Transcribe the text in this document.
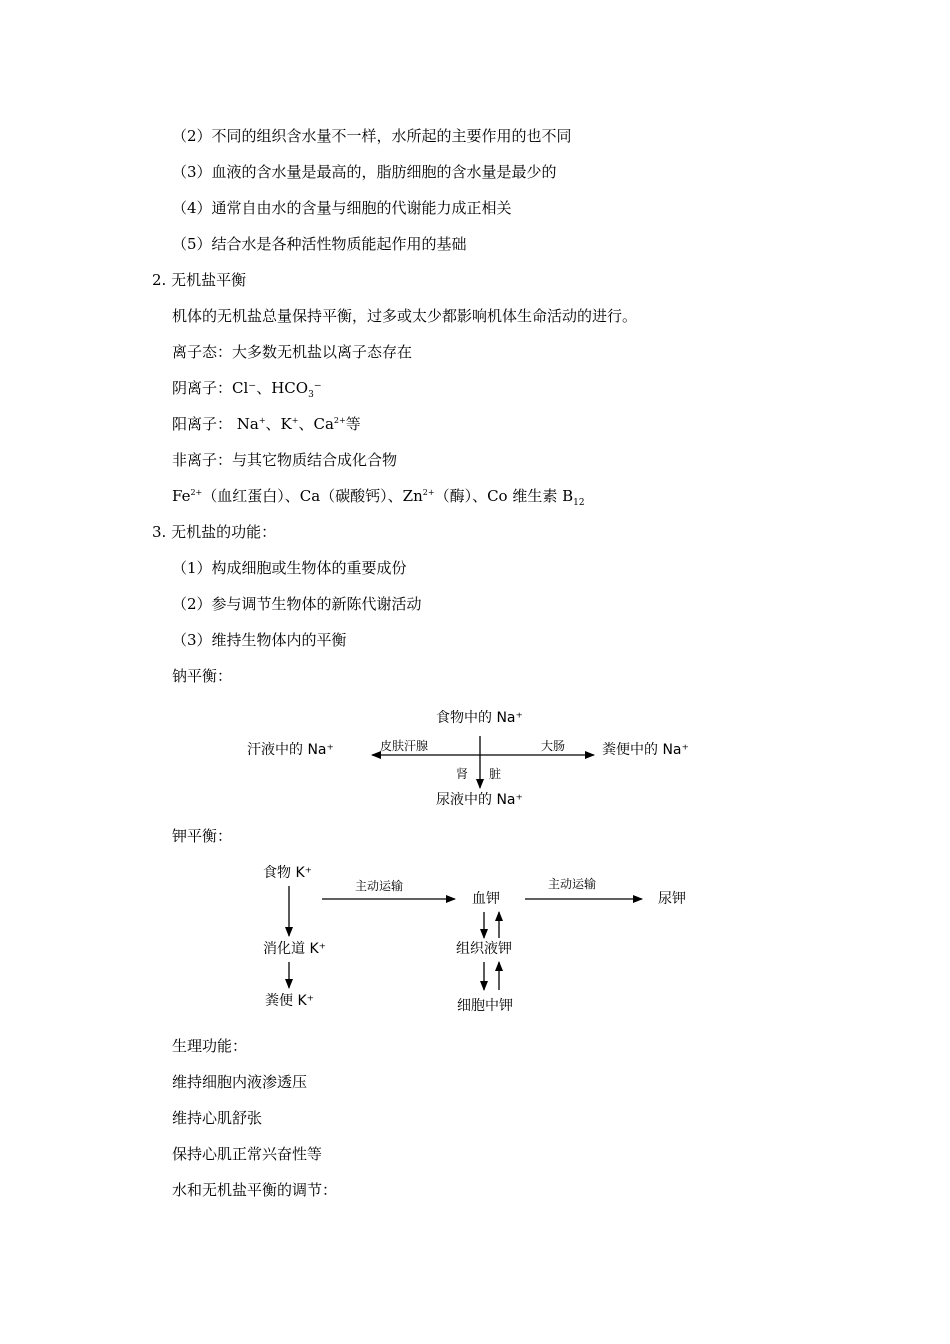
（2）不同的组织含水量不一样，水所起的主要作用的也不同
（3）血液的含水量是最高的，脂肪细胞的含水量是最少的
（4）通常自由水的含量与细胞的代谢能力成正相关
（5）结合水是各种活性物质能起作用的基础
2. 无机盐平衡
机体的无机盐总量保持平衡，过多或太少都影响机体生命活动的进行。
离子态：大多数无机盐以离子态存在
阴离子：Cl⁻、$HCO_3^-$
阳离子： Na+、K+、$Ca^{2+}$等
非离子：与其它物质结合成化合物
$Fe^{2+}$（血红蛋白）、Ca（碳酸钙）、$Zn^{2+}$（酶）、Co 维生素 $B_{12}$
3. 无机盐的功能：
（1）构成细胞或生物体的重要成份
（2）参与调节生物体的新陈代谢活动
（3）维持生物体内的平衡
钠平衡：
食物中的 Na⁺
汗液中的 Na⁺	粪便中的 Na⁺
尿液中的 Na⁺
皮肤汗腺	大肠
肾 脏
钾平衡：
食物 K⁺
消化道 K⁺
粪便 K⁺
血钾
组织液钾
细胞中钾
尿钾
主动运输	主动运输
生理功能：
维持细胞内液渗透压
维持心肌舒张
保持心肌正常兴奋性等
水和无机盐平衡的调节：
